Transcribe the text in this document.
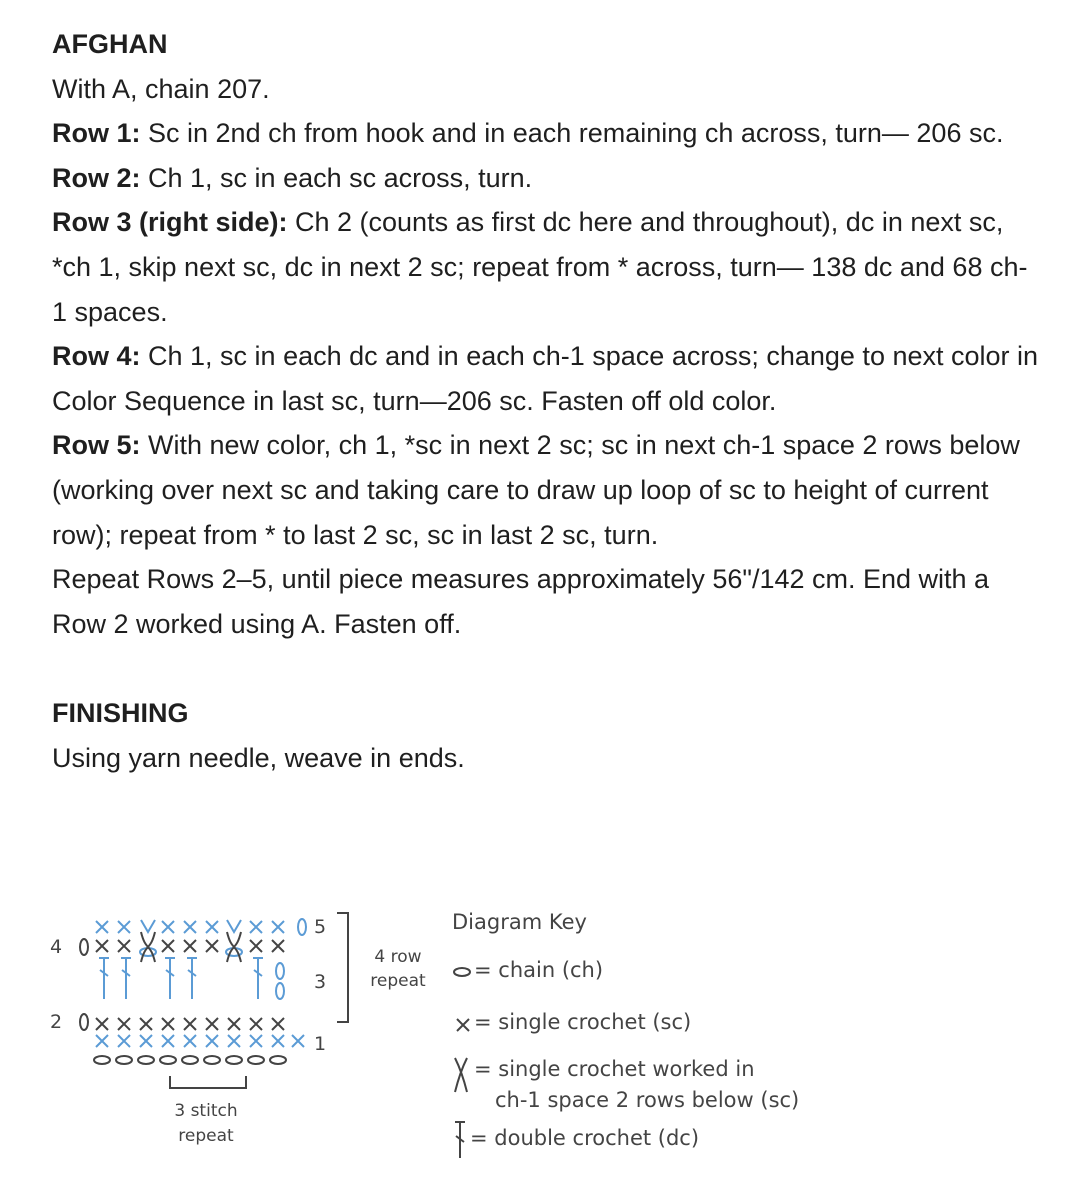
AFGHAN

With A, chain 207.

Row 1: Sc in 2nd ch from hook and in each remaining ch across, turn— 206 sc.

Row 2: Ch 1, sc in each sc across, turn.

Row 3 (right side): Ch 2 (counts as first dc here and throughout), dc in next sc, *ch 1, skip next sc, dc in next 2 sc; repeat from * across, turn— 138 dc and 68 ch-1 spaces.

Row 4: Ch 1, sc in each dc and in each ch-1 space across; change to next color in Color Sequence in last sc, turn—206 sc. Fasten off old color.

Row 5: With new color, ch 1, *sc in next 2 sc; sc in next ch-1 space 2 rows below (working over next sc and taking care to draw up loop of sc to height of current row); repeat from * to last 2 sc, sc in last 2 sc, turn.

Repeat Rows 2–5, until piece measures approximately 56"/142 cm. End with a Row 2 worked using A. Fasten off.

FINISHING

Using yarn needle, weave in ends.

5
4
3
2
1
3 stitch
repeat
4 row
repeat
Diagram Key
= chain (ch)
= single crochet (sc)
= single crochet worked in
ch-1 space 2 rows below (sc)
= double crochet (dc)
